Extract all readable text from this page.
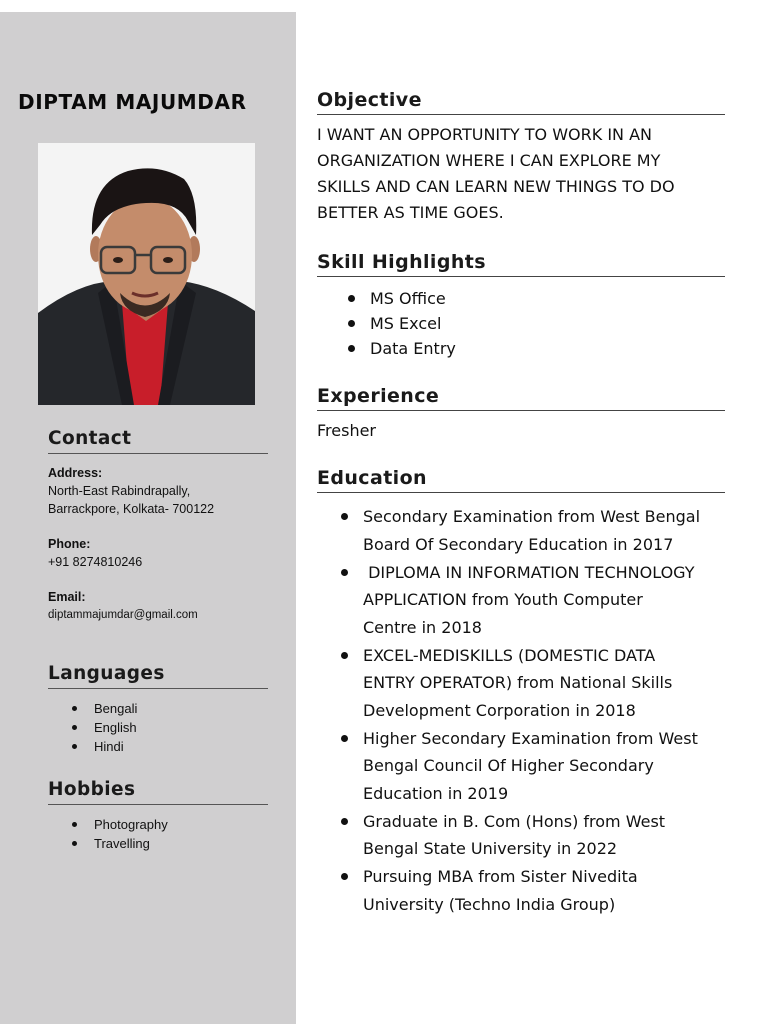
DIPTAM MAJUMDAR
Contact
Address:
North-East Rabindrapally,
Barrackpore, Kolkata- 700122
Phone:
+91 8274810246
Email:
diptammajumdar@gmail.com
Languages
Bengali
English
Hindi
Hobbies
Photography
Travelling
Objective
I WANT AN OPPORTUNITY TO WORK IN AN
ORGANIZATION WHERE I CAN EXPLORE MY
SKILLS AND CAN LEARN NEW THINGS TO DO
BETTER AS TIME GOES.
Skill Highlights
MS Office
MS Excel
Data Entry
Experience
Fresher
Education
Secondary Examination from West Bengal
Board Of Secondary Education in 2017
DIPLOMA IN INFORMATION TECHNOLOGY
APPLICATION from Youth Computer
Centre in 2018
EXCEL-MEDISKILLS (DOMESTIC DATA
ENTRY OPERATOR) from National Skills
Development Corporation in 2018
Higher Secondary Examination from West
Bengal Council Of Higher Secondary
Education in 2019
Graduate in B. Com (Hons) from West
Bengal State University in 2022
Pursuing MBA from Sister Nivedita
University (Techno India Group)
